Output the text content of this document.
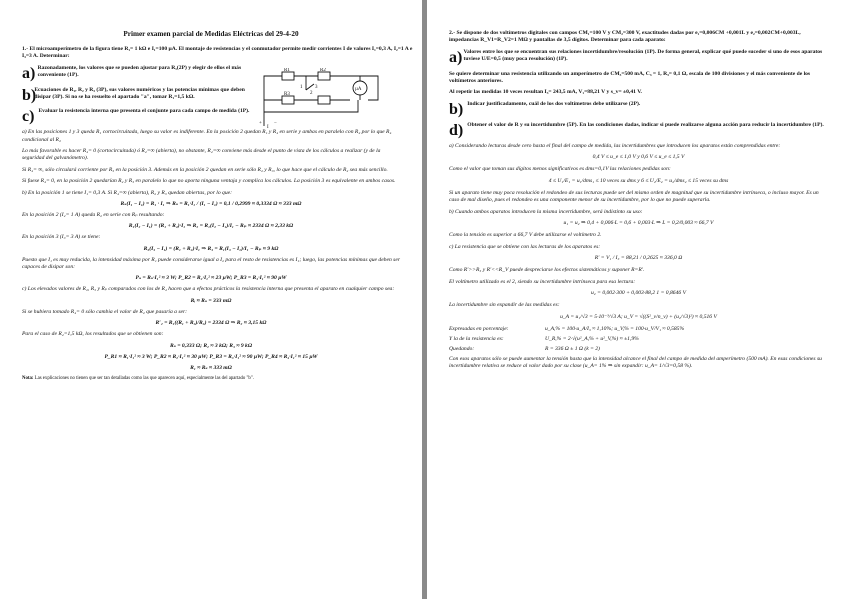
Primer examen parcial de Medidas Eléctricas del 29-4-20

1.- El microamperímetro de la figura tiene R₁= 1 kΩ e I₁=100 µA. El montaje de resistencias y el conmutador permite medir corrientes I de valores I₁=0,3 A, I₂=1 A e I₃=3 A. Determinar:

a) Razonadamente, los valores que se pueden ajustar para R₁(2P) y elegir de ellos el más conveniente (1P).

b)

Ecuaciones de R₁, R₂ y R₃ (3P), sus valores numéricos y las potencias mínimas que deben disipar (3P). Si no se ha resuelto el apartado "a", tomar R₁=1,5 kΩ.

c) Evaluar la resistencia interna que presenta el conjunte para cada campo de medida (1P).

a) En las posiciones 1 y 3 queda R₁ cortocircuitada, luego su valor es indiferente. En la posición 2 quedan R₁ y R₄ en serie y ambas en paralelo con R₂ por lo que R₄ condicional al R₂

Lo más favorable es hacer R₄= 0 (cortocircuitada) ó R₄=∞ (abierta), no obstante, R₄=∞ conviene más desde el punto de vista de los cálculos a realizar (y de la seguridad del galvanómetro).

Si R₄= ∞, sólo circulará corriente por R₃ en la posición 3. Además en la posición 2 quedan en serie sólo R₂ y R₃, lo que hace que el cálculo de R₂ sea más sencillo.

Si fuese R₄= 0, en la posición 2 quedarían R₂ y R₃ en paralelo lo que no aporta ninguna ventaja y complica los cálculos. La posición 3 es equivalente en ambos casos.

b) En la posición 1 se tiene I₁= 0,3 A. Si R₄=∞ (abierta), R₂ y R₃ quedan abiertas, por lo que:

Rₛ(I₁ − I₁) = R₁ · I₁ ⇒ Rₛ = R₁·I₁ / (I₁ − I₁) = 0,1 / 0,2999 ≈ 0,3334 Ω ≈ 333 mΩ

En la posición 2 (I₂= 1 A) queda R₂ en serie con Rₚ resultando:

R₁(I₂ − I₁) = (R₁ + R₂)·I₁ ⇒ R₂ = R₁(I₂ − I₁)/I₁ − Rₚ ≈ 2334 Ω ≈ 2,33 kΩ

En la posición 3 (I₃= 3 A) se tiene:

R₃(I₃ − I₁) = (R₁ + R₂)·I₁ ⇒ R₃ = R₁(I₃ − I₁)/I₁ − Rₚ ≈ 9 kΩ

Puesto que I₁ es muy reducida, la intensidad máxima por R₁ puede considerarse igual a I₂ para el resto de resistencias es I₁; luego, las potencias mínimas que deben ser capaces de disipar son:

Pₛ = Rₛ·I₁² ≈ 3 W; P_R2 = R₂·I₁² ≈ 23 µW; P_R3 = R₃·I₁² ≈ 90 µW

c) Los elevados valores de R₂, R₃ y Rₚ comparados con los de R₄ hacen que a efectos prácticos la resistencia interna que presenta el aparato en cualquier campo sea:

Rᵢ ≈ Rₛ = 333 mΩ

Si se hubiera tomado R₄= 0 sólo cambia el valor de R₂ que pasaría a ser:

R′₂ = R₁((R₁ + R₃)/R₃) = 2334 Ω ⇒ R₂ ≈ 3,15 kΩ

Para el caso de R₄=1,5 kΩ, los resultados que se obtienen son:

Rₛ = 0,333 Ω; R₂ ≈ 3 kΩ; R₃ ≈ 9 kΩ
P_R1 ≈ R₁·I₁² ≈ 3 W; P_R2 ≈ R₂·I₁² ≈ 30 µW; P_R3 = R₃·I₁² ≈ 90 µW; P_R4 ≈ R₄·I₁² ≈ 15 µW
R₁ ≈ Rₛ ≈ 333 mΩ

Nota: Las explicaciones no tienen que ser tan detalladas como las que aparecen aquí, especialmente las del apartado "b".

R1	R2
R3
µA
1
2
3
I
+ −

2.- Se dispone de dos voltímetros digitales con campos CM₁=100 V y CM₂=300 V, exactitudes dadas por e₁=0,006CM +0,001L y e₂=0,002CM+0,003L, impedancias R_V1=R_V2=1 MΩ y pantallas de 3,5 dígitos. Determinar para cada aparato:

a) Valores entre los que se encuentran sus relaciones incertidumbre/resolución (1P). De forma general, explicar qué puede suceder si uno de esos aparatos tuviese U/E=0,5 (muy poca resolución) (1P).

Se quiere determinar una resistencia utilizando un amperímetro de CM₃=500 mA, C₃ = 1, R₃= 0,1 Ω, escala de 100 divisiones y el más conveniente de los voltímetros anteriores.

Al repetir las medidas 10 veces resultan I₃= 243,5 mA, V₁=88,21 V y s_v= ±0,41 V.

b) Indicar justificadamente, cuál de los dos voltímetros debe utilizarse (2P).

d) Obtener el valor de R y su incertidumbre (5P). En las condiciones dadas, indicar si puede realizarse alguna acción para reducir la incertidumbre (1P).

a) Considerando lecturas desde cero hasta el final del campo de medida, las incertidumbres que introducen los aparatos están comprendidas entre:

0,4 V ≤ u_e ≤ 1,0 V y 0,6 V ≤ u_e ≤ 1,5 V

Como el valor que toman sus dígitos menos significativos es dms=0,1V las relaciones pedidas son:

4 ≤ U₁/E₁ = u₁/dms₁ ≤ 10 veces su dms y 6 ≤ U₂/E₂ = u₂/dms₂ ≤ 15 veces su dms

Si un aparato tiene muy poca resolución el redondeo de sus lecturas puede ser del mismo orden de magnitud que su incertidumbre intrínseca, o incluso mayor. Es un caso de mal diseño, pues el redondeo es una componente menor de su incertidumbre, por lo que no puede superarla.

b) Cuando ambos aparatos introducen la misma incertidumbre, será indistinto su uso:

u₁ = u₂ ⇒ 0,4 + 0,006·L = 0,6 + 0,003·L ⇒ L = 0,2/0,003 ≈ 66,7 V

Como la tensión es superior a 66,7 V debe utilizarse el voltímetro 2.

c) La resistencia que se obtiene con las lecturas de los aparatos es:

R′ = V₁ / I₃ = 88,21 / 0,2625 ≈ 336,0 Ω

Como R′>>R₃ y R′<<R_V puede despreciarse los efectos sistemáticos y suponer R=R′.

El voltímetro utilizado es el 2, siendo su incertidumbre intrínseca para esa lectura:

u₂ = 0,002·300 + 0,003·88,2 1 = 0,8646 V

La incertidumbre sin expandir de las medidas es:

u_A = u₁/√3 = 5·10⁻³/√3 A; u_V = √((S²_v/n_v) + (u₂/√3)²) ≈ 0,516 V
Expresadas en porcentaje:	u_A,% = 100·u_A/I₃ ≈ 1,10%; u_V,% = 100·u_V/V₁ ≈ 0,585%
Y la de la resistencia es:	U_R,% = 2·√(u²_A,% + u²_V,%) ≈ ±1,9%
Quedando:	R = 336 Ω ± 1 Ω (k = 2)

Con esos aparatos sólo se puede aumentar la tensión hasta que la intensidad alcance el final del campo de medida del amperímetro (500 mA). En esas condiciones su incertidumbre relativa se reduce al valor dado por su clase (u_A= 1% ⇒ sin expandir: u_A= 1/√3=0,58 %).
